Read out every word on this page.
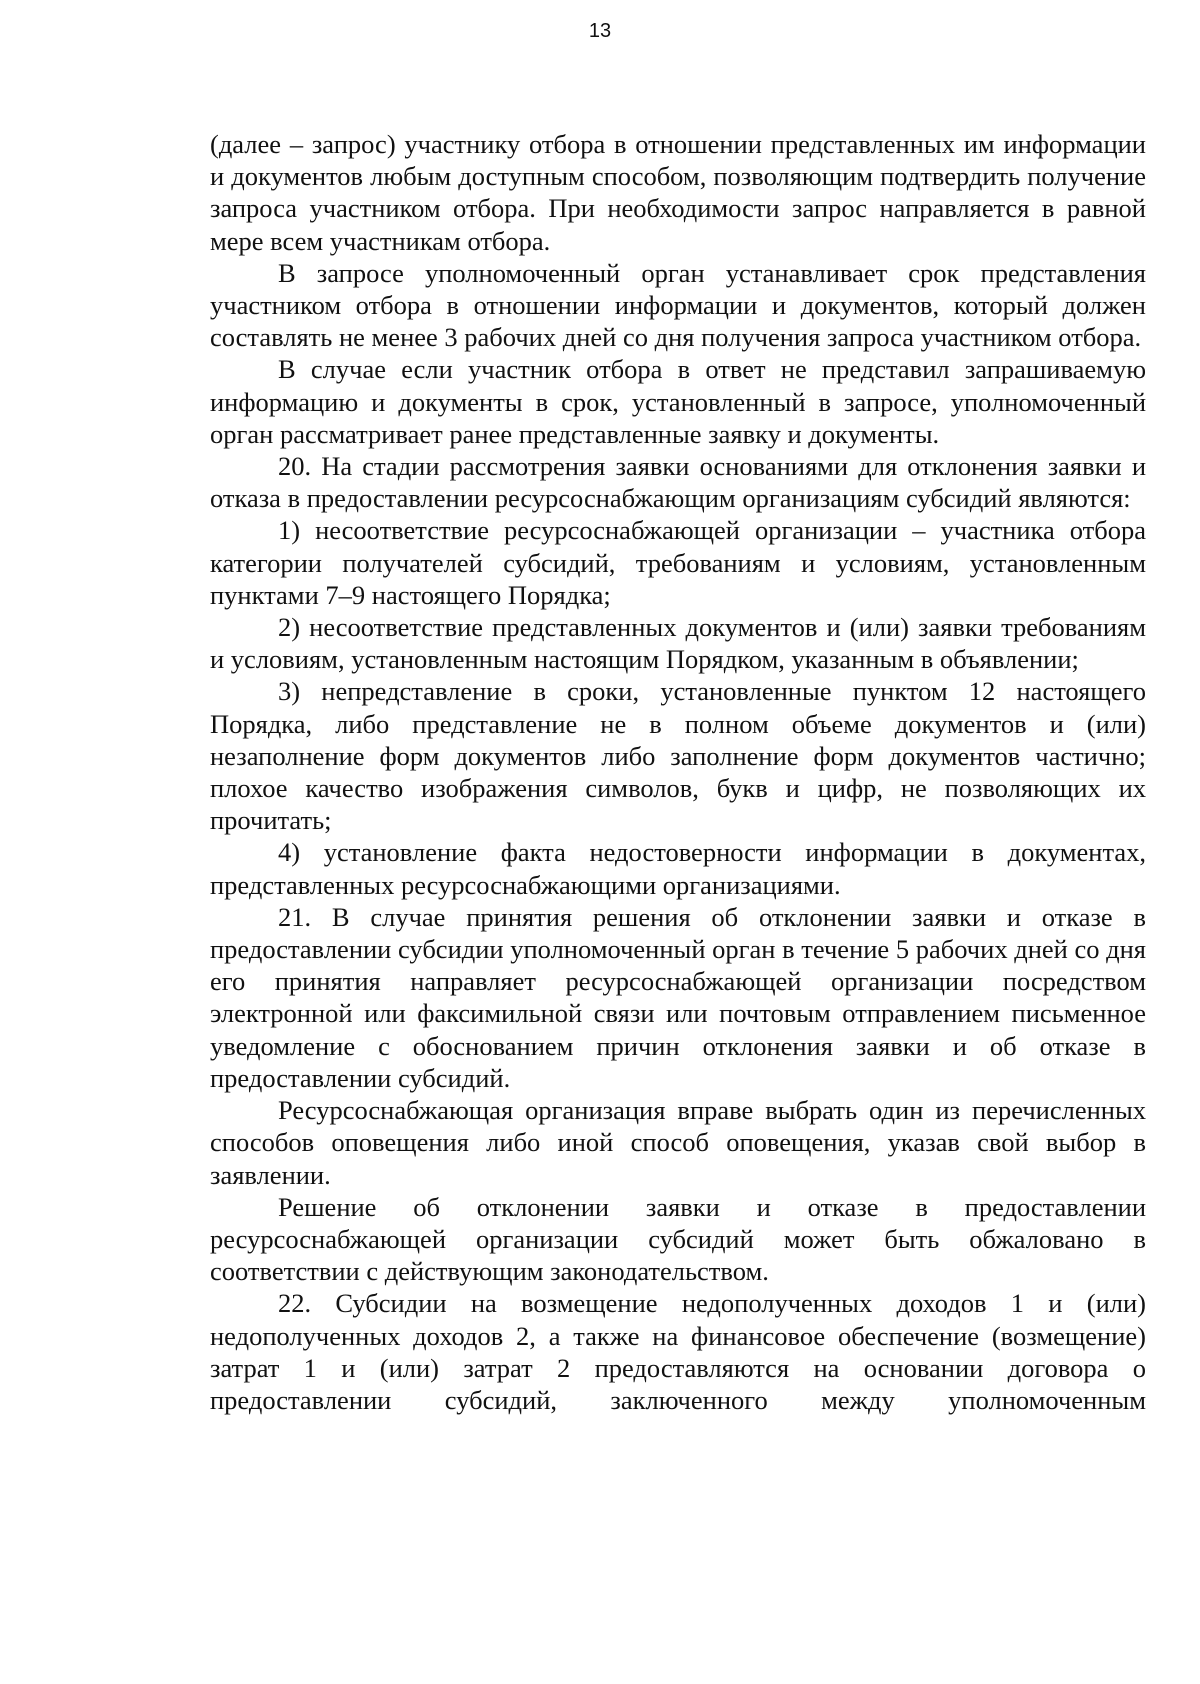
13

(далее – запрос) участнику отбора в отношении представленных им информации и документов любым доступным способом, позволяющим подтвердить получение запроса участником отбора. При необходимости запрос направляется в равной мере всем участникам отбора.

В запросе уполномоченный орган устанавливает срок представления участником отбора в отношении информации и документов, который должен составлять не менее 3 рабочих дней со дня получения запроса участником отбора.

В случае если участник отбора в ответ не представил запрашиваемую информацию и документы в срок, установленный в запросе, уполномоченный орган рассматривает ранее представленные заявку и документы.

20. На стадии рассмотрения заявки основаниями для отклонения заявки и отказа в предоставлении ресурсоснабжающим организациям субсидий являются:

1) несоответствие ресурсоснабжающей организации – участника отбора категории получателей субсидий, требованиям и условиям, установленным пунктами 7–9 настоящего Порядка;

2) несоответствие представленных документов и (или) заявки требованиям и условиям, установленным настоящим Порядком, указанным в объявлении;

3) непредставление в сроки, установленные пунктом 12 настоящего Порядка, либо представление не в полном объеме документов и (или) незаполнение форм документов либо заполнение форм документов частично; плохое качество изображения символов, букв и цифр, не позволяющих их прочитать;

4) установление факта недостоверности информации в документах, представленных ресурсоснабжающими организациями.

21. В случае принятия решения об отклонении заявки и отказе в предоставлении субсидии уполномоченный орган в течение 5 рабочих дней со дня его принятия направляет ресурсоснабжающей организации посредством электронной или факсимильной связи или почтовым отправлением письменное уведомление с обоснованием причин отклонения заявки и об отказе в предоставлении субсидий.

Ресурсоснабжающая организация вправе выбрать один из перечисленных способов оповещения либо иной способ оповещения, указав свой выбор в заявлении.

Решение об отклонении заявки и отказе в предоставлении ресурсоснабжающей организации субсидий может быть обжаловано в соответствии с действующим законодательством.

22. Субсидии на возмещение недополученных доходов 1 и (или) недополученных доходов 2, а также на финансовое обеспечение (возмещение) затрат 1 и (или) затрат 2 предоставляются на основании договора о предоставлении субсидий, заключенного между уполномоченным
